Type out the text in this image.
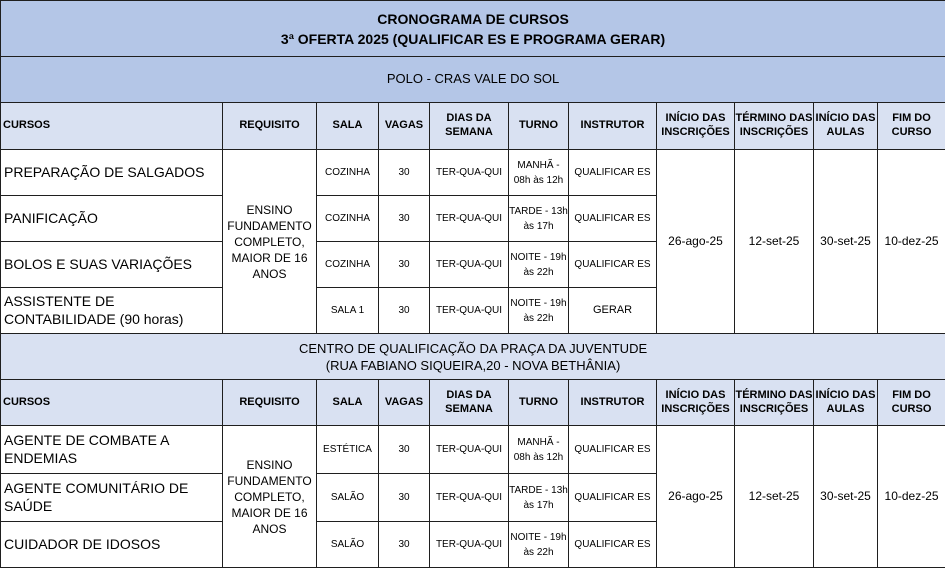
CRONOGRAMA DE CURSOS
3ª OFERTA 2025 (QUALIFICAR ES E PROGRAMA GERAR)										

POLO - CRAS VALE DO SOL										
CURSOS	REQUISITO	SALA	VAGAS	DIAS DA SEMANA	TURNO	INSTRUTOR	INÍCIO DAS INSCRIÇÕES	TÉRMINO DAS INSCRIÇÕES	INÍCIO DAS AULAS	FIM DO CURSO
PREPARAÇÃO DE SALGADOS	ENSINO FUNDAMENTO COMPLETO, MAIOR DE 16 ANOS	COZINHA	30	TER-QUA-QUI	MANHÃ - 08h às 12h	QUALIFICAR ES	26-ago-25	12-set-25	30-set-25	10-dez-25
PANIFICAÇÃO		COZINHA	30	TER-QUA-QUI	TARDE - 13h às 17h	QUALIFICAR ES				
BOLOS E SUAS VARIAÇÕES		COZINHA	30	TER-QUA-QUI	NOITE - 19h às 22h	QUALIFICAR ES				
ASSISTENTE DE CONTABILIDADE (90 horas)		SALA 1	30	TER-QUA-QUI	NOITE - 19h às 22h	GERAR				

CENTRO DE QUALIFICAÇÃO DA PRAÇA DA JUVENTUDE
(RUA FABIANO SIQUEIRA,20 - NOVA BETHÂNIA)										

CURSOS	REQUISITO	SALA	VAGAS	DIAS DA SEMANA	TURNO	INSTRUTOR	INÍCIO DAS INSCRIÇÕES	TÉRMINO DAS INSCRIÇÕES	INÍCIO DAS AULAS	FIM DO CURSO
AGENTE DE COMBATE A ENDEMIAS	ENSINO FUNDAMENTO COMPLETO, MAIOR DE 16 ANOS	ESTÉTICA	30	TER-QUA-QUI	MANHÃ - 08h às 12h	QUALIFICAR ES	26-ago-25	12-set-25	30-set-25	10-dez-25
AGENTE COMUNITÁRIO DE SAÚDE		SALÃO	30	TER-QUA-QUI	TARDE - 13h às 17h	QUALIFICAR ES				
CUIDADOR DE IDOSOS		SALÃO	30	TER-QUA-QUI	NOITE - 19h às 22h	QUALIFICAR ES				
